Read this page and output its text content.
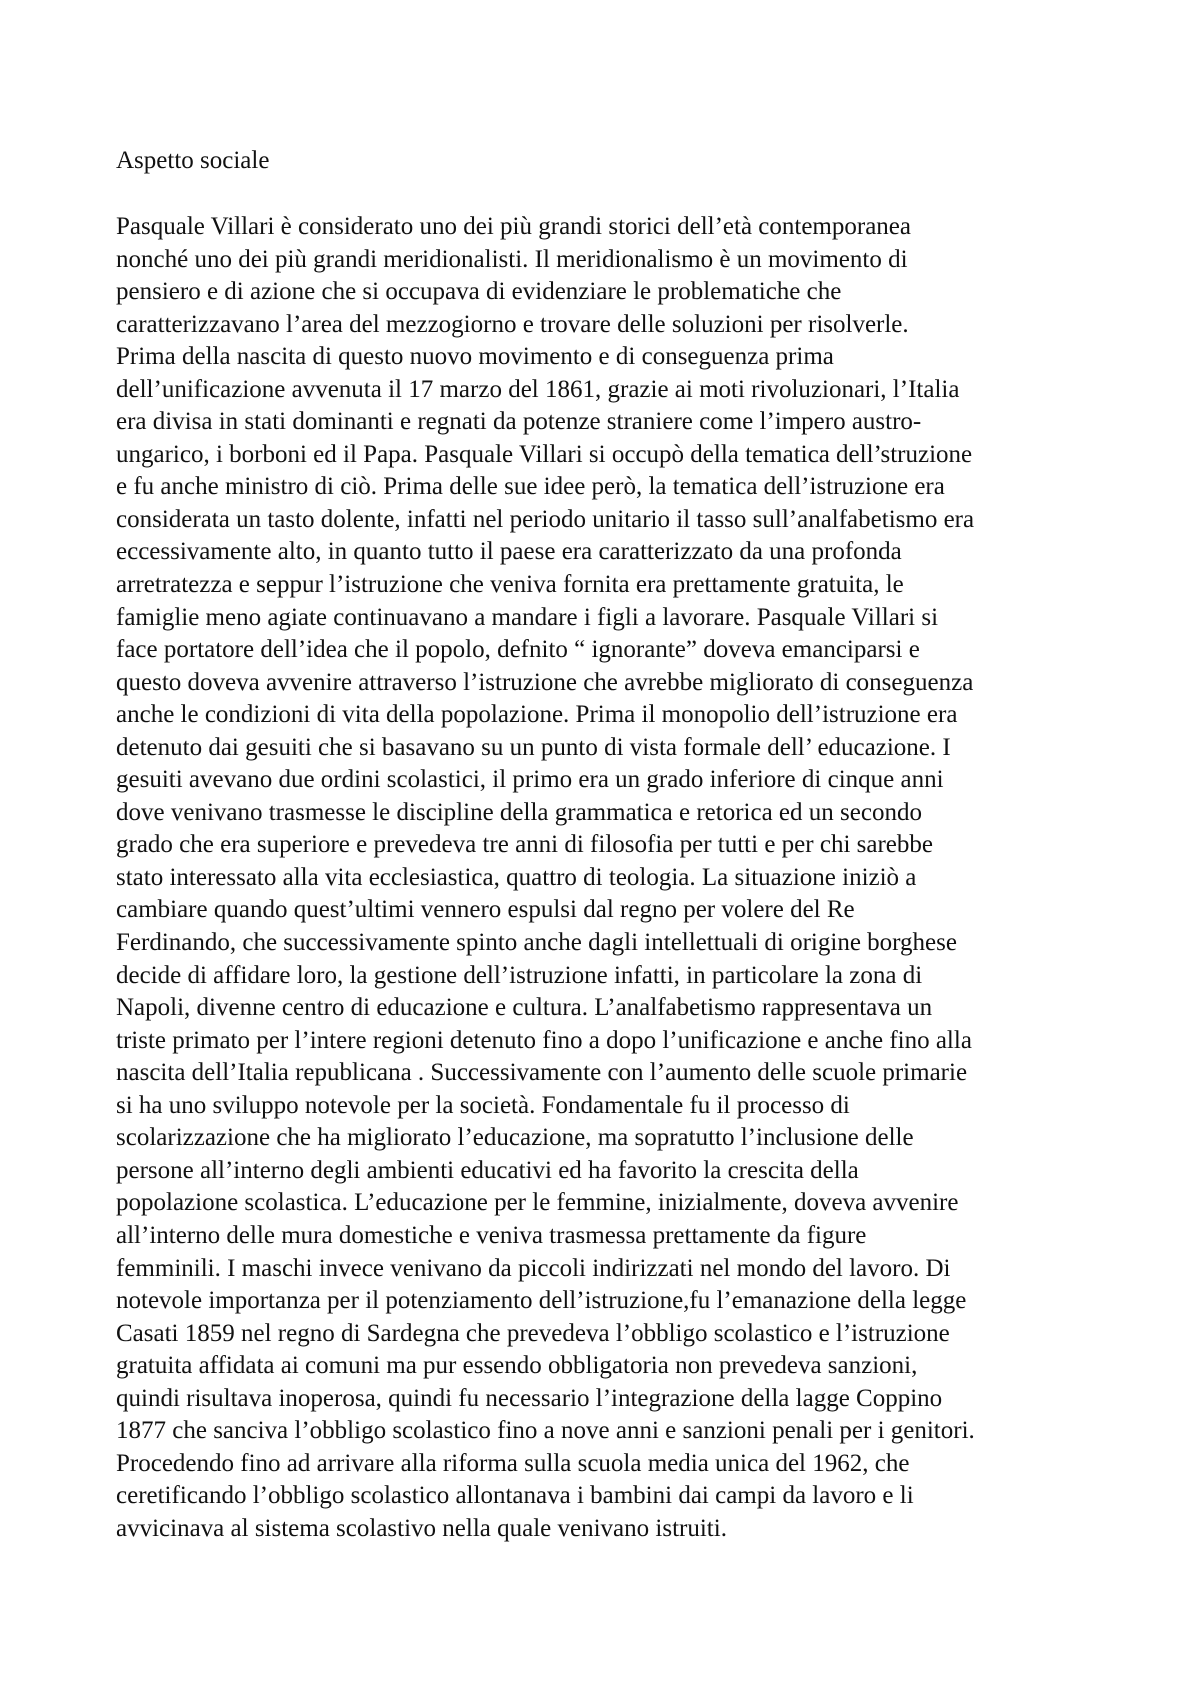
Aspetto sociale

Pasquale Villari è considerato uno dei più grandi storici dell’età contemporanea

nonché uno dei più grandi meridionalisti. Il meridionalismo è un movimento di

pensiero e di azione che si occupava di evidenziare le problematiche che

caratterizzavano l’area del mezzogiorno e trovare delle soluzioni per risolverle.

Prima della nascita di questo nuovo movimento e di conseguenza prima

dell’unificazione avvenuta il 17 marzo del 1861, grazie ai moti rivoluzionari, l’Italia

era divisa in stati dominanti e regnati da potenze straniere come l’impero austro-

ungarico, i borboni ed il Papa. Pasquale Villari si occupò della tematica dell’struzione

e fu anche ministro di ciò. Prima delle sue idee però, la tematica dell’istruzione era

considerata un tasto dolente, infatti nel periodo unitario il tasso sull’analfabetismo era

eccessivamente alto, in quanto tutto il paese era caratterizzato da una profonda

arretratezza e seppur l’istruzione che veniva fornita era prettamente gratuita, le

famiglie meno agiate continuavano a mandare i figli a lavorare. Pasquale Villari si

face portatore dell’idea che il popolo, defnito “ ignorante” doveva emanciparsi e

questo doveva avvenire attraverso l’istruzione che avrebbe migliorato di conseguenza

anche le condizioni di vita della popolazione. Prima il monopolio dell’istruzione era

detenuto dai gesuiti che si basavano su un punto di vista formale dell’ educazione. I

gesuiti avevano due ordini scolastici, il primo era un grado inferiore di cinque anni

dove venivano trasmesse le discipline della grammatica e retorica ed un secondo

grado che era superiore e prevedeva tre anni di filosofia per tutti e per chi sarebbe

stato interessato alla vita ecclesiastica, quattro di teologia. La situazione iniziò a

cambiare quando quest’ultimi vennero espulsi dal regno per volere del Re

Ferdinando, che successivamente spinto anche dagli intellettuali di origine borghese

decide di affidare loro, la gestione dell’istruzione infatti, in particolare la zona di

Napoli, divenne centro di educazione e cultura. L’analfabetismo rappresentava un

triste primato per l’intere regioni detenuto fino a dopo l’unificazione e anche fino alla

nascita dell’Italia republicana . Successivamente con l’aumento delle scuole primarie

si ha uno sviluppo notevole per la società. Fondamentale fu il processo di

scolarizzazione che ha migliorato l’educazione, ma sopratutto l’inclusione delle

persone all’interno degli ambienti educativi ed ha favorito la crescita della

popolazione scolastica. L’educazione per le femmine, inizialmente, doveva avvenire

all’interno delle mura domestiche e veniva trasmessa prettamente da figure

femminili. I maschi invece venivano da piccoli indirizzati nel mondo del lavoro. Di

notevole importanza per il potenziamento dell’istruzione,fu l’emanazione della legge

Casati 1859 nel regno di Sardegna che prevedeva l’obbligo scolastico e l’istruzione

gratuita affidata ai comuni ma pur essendo obbligatoria non prevedeva sanzioni,

quindi risultava inoperosa, quindi fu necessario l’integrazione della lagge Coppino

1877 che sanciva l’obbligo scolastico fino a nove anni e sanzioni penali per i genitori.

Procedendo fino ad arrivare alla riforma sulla scuola media unica del 1962, che

ceretificando l’obbligo scolastico allontanava i bambini dai campi da lavoro e li

avvicinava al sistema scolastivo nella quale venivano istruiti.
